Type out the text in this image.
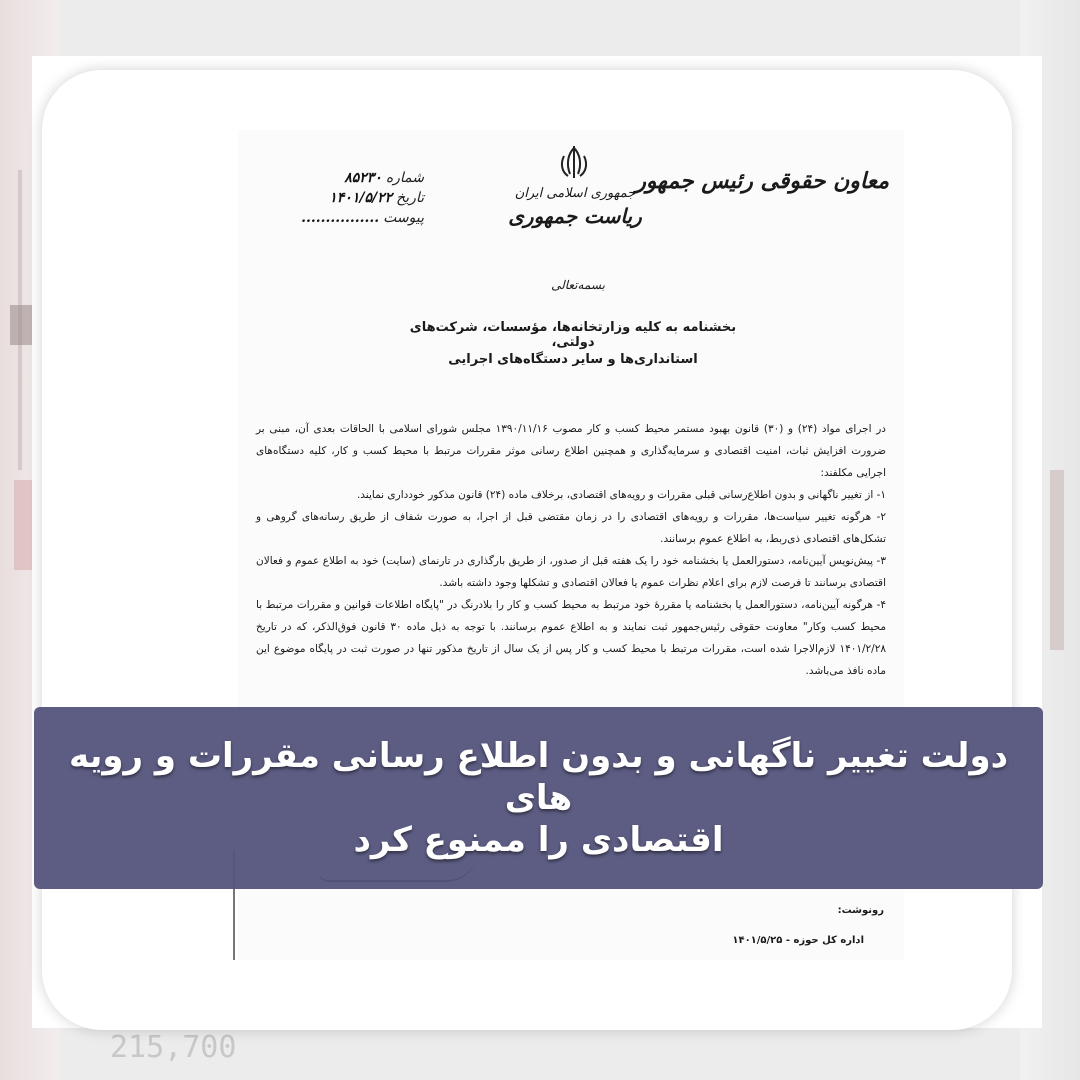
215,700
معاون حقوقی رئیس جمهور
جمهوری اسلامی ایران
ریاست جمهوری
شماره
۸۵۲۳۰
تاریخ
۱۴۰۱/۵/۲۲
پیوست
................
بسمه‌تعالی
بخشنامه به کلیه وزارتخانه‌ها، مؤسسات، شرکت‌های دولتی،
استانداری‌ها و سایر دستگاه‌های اجرایی

در اجرای مواد (۲۴) و (۳۰) قانون بهبود مستمر محیط کسب و کار مصوب ۱۳۹۰/۱۱/۱۶ مجلس شورای اسلامی با الحاقات بعدی آن، مبنی بر ضرورت افزایش ثبات، امنیت اقتصادی و سرمایه‌گذاری و همچنین اطلاع رسانی موثر مقررات مرتبط با محیط کسب و کار، کلیه دستگاه‌های اجرایی مکلفند:

۱- از تغییر ناگهانی و بدون اطلاع‌رسانی قبلی مقررات و رویه‌های اقتصادی، برخلاف ماده (۲۴) قانون مذکور خودداری نمایند.

۲- هرگونه تغییر سیاست‌ها، مقررات و رویه‌های اقتصادی را در زمان مقتضی قبل از اجرا، به صورت شفاف از طریق رسانه‌های گروهی و تشکل‌های اقتصادی ذی‌ربط، به اطلاع عموم برسانند.

۳- پیش‌نویس آیین‌نامه، دستورالعمل یا بخشنامه خود را یک هفته قبل از صدور، از طریق بارگذاری در تارنمای (سایت) خود به اطلاع عموم و فعالان اقتصادی برسانند تا فرصت لازم برای اعلام نظرات عموم یا فعالان اقتصادی و تشکلها وجود داشته باشد.

۴- هرگونه آیین‌نامه، دستورالعمل یا بخشنامه یا مقررهٔ خود مرتبط به محیط کسب و کار را بلادرنگ در "پایگاه اطلاعات قوانین و مقررات مرتبط با محیط کسب وکار" معاونت حقوقی رئیس‌جمهور ثبت نمایند و به اطلاع عموم برسانند. با توجه به ذیل ماده ۳۰ قانون فوق‌الذکر، که در تاریخ ۱۴۰۱/۲/۲۸ لازم‌الاجرا شده است، مقررات مرتبط با محیط کسب و کار پس از یک سال از تاریخ مذکور تنها در صورت ثبت در پایگاه موضوع این ماده نافذ می‌باشد.

رونوشت:
اداره کل حوزه - ۱۴۰۱/۵/۲۵
دولت تغییر ناگهانی و بدون اطلاع رسانی مقررات و رویه های
اقتصادی را ممنوع کرد
